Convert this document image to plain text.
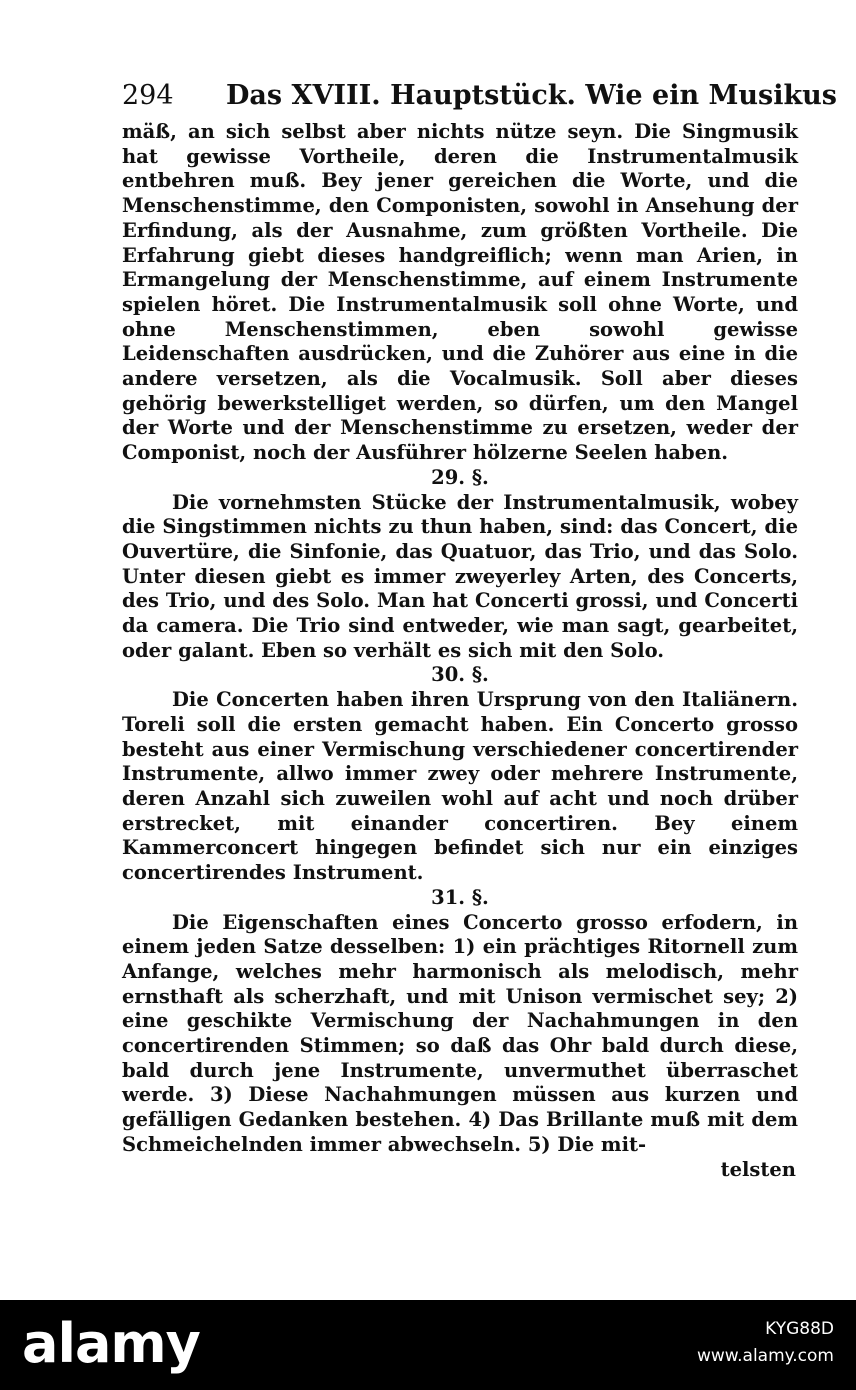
294 Das XVIII. Hauptstück. Wie ein Musikus

mäß, an sich selbst aber nichts nütze seyn. Die Singmusik hat gewisse Vortheile, deren die Instrumentalmusik entbehren muß. Bey jener gereichen die Worte, und die Menschenstimme, den Componisten, sowohl in Ansehung der Erfindung, als der Ausnahme, zum größten Vortheile. Die Erfahrung giebt dieses handgreiflich; wenn man Arien, in Ermangelung der Menschenstimme, auf einem Instrumente spielen höret. Die Instrumentalmusik soll ohne Worte, und ohne Menschenstimmen, eben sowohl gewisse Leidenschaften ausdrücken, und die Zuhörer aus eine in die andere versetzen, als die Vocalmusik. Soll aber dieses gehörig bewerkstelliget werden, so dürfen, um den Mangel der Worte und der Menschenstimme zu ersetzen, weder der Componist, noch der Ausführer hölzerne Seelen haben.

29. §.

Die vornehmsten Stücke der Instrumentalmusik, wobey die Singstimmen nichts zu thun haben, sind: das Concert, die Ouvertüre, die Sinfonie, das Quatuor, das Trio, und das Solo. Unter diesen giebt es immer zweyerley Arten, des Concerts, des Trio, und des Solo. Man hat Concerti grossi, und Concerti da camera. Die Trio sind entweder, wie man sagt, gearbeitet, oder galant. Eben so verhält es sich mit den Solo.

30. §.

Die Concerten haben ihren Ursprung von den Italiänern. Toreli soll die ersten gemacht haben. Ein Concerto grosso besteht aus einer Vermischung verschiedener concertirender Instrumente, allwo immer zwey oder mehrere Instrumente, deren Anzahl sich zuweilen wohl auf acht und noch drüber erstrecket, mit einander concertiren. Bey einem Kammerconcert hingegen befindet sich nur ein einziges concertirendes Instrument.

31. §.

Die Eigenschaften eines Concerto grosso erfodern, in einem jeden Satze desselben: 1) ein prächtiges Ritornell zum Anfange, welches mehr harmonisch als melodisch, mehr ernsthaft als scherzhaft, und mit Unison vermischet sey; 2) eine geschikte Vermischung der Nachahmungen in den concertirenden Stimmen; so daß das Ohr bald durch diese, bald durch jene Instrumente, unvermuthet überraschet werde. 3) Diese Nachahmungen müssen aus kurzen und gefälligen Gedanken bestehen. 4) Das Brillante muß mit dem Schmeichelnden immer abwechseln. 5) Die mit-

telsten

alamy	KYG88D
www.alamy.com
